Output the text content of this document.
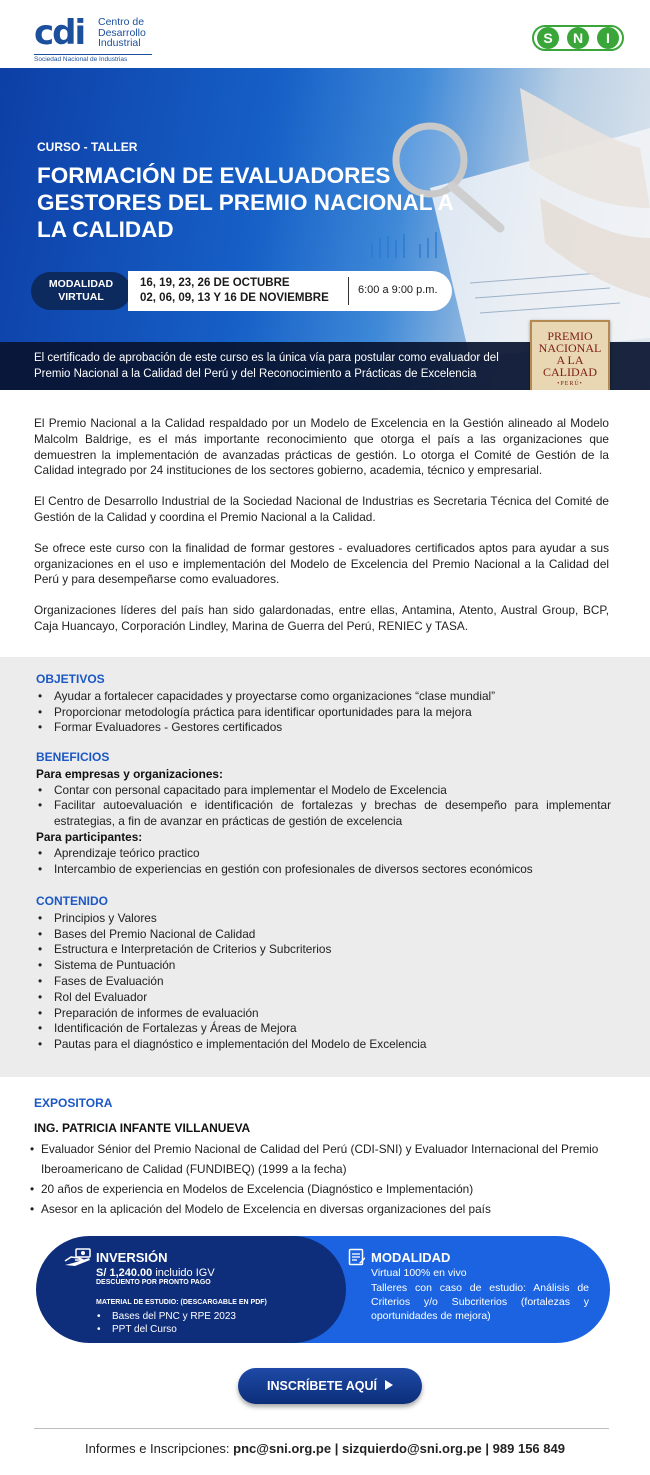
cdi Centro de
Desarrollo
Industrial
Sociedad Nacional de Industrias
S N I
CURSO - TALLER
FORMACIÓN DE EVALUADORES GESTORES DEL PREMIO NACIONAL A LA CALIDAD
MODALIDAD
VIRTUAL
16, 19, 23, 26 DE OCTUBRE
02, 06, 09, 13 Y 16 DE NOVIEMBRE
6:00 a 9:00 p.m.
El certificado de aprobación de este curso es la única vía para postular como evaluador del Premio Nacional a la Calidad del Perú y del Reconocimiento a Prácticas de Excelencia
PREMIO
NACIONAL
A LA
CALIDAD
•PERÚ•

El Premio Nacional a la Calidad respaldado por un Modelo de Excelencia en la Gestión alineado al Modelo Malcolm Baldrige, es el más importante reconocimiento que otorga el país a las organizaciones que demuestren la implementación de avanzadas prácticas de gestión. Lo otorga el Comité de Gestión de la Calidad integrado por 24 instituciones de los sectores gobierno, academia, técnico y empresarial.

El Centro de Desarrollo Industrial de la Sociedad Nacional de Industrias es Secretaria Técnica del Comité de Gestión de la Calidad y coordina el Premio Nacional a la Calidad.

Se ofrece este curso con la finalidad de formar gestores - evaluadores certificados aptos para ayudar a sus organizaciones en el uso e implementación del Modelo de Excelencia del Premio Nacional a la Calidad del Perú y para desempeñarse como evaluadores.

Organizaciones líderes del país han sido galardonadas, entre ellas, Antamina, Atento, Austral Group, BCP, Caja Huancayo, Corporación Lindley, Marina de Guerra del Perú, RENIEC y TASA.

OBJETIVOS
• Ayudar a fortalecer capacidades y proyectarse como organizaciones “clase mundial”
• Proporcionar metodología práctica para identificar oportunidades para la mejora
• Formar Evaluadores - Gestores certificados
BENEFICIOS
Para empresas y organizaciones:
• Contar con personal capacitado para implementar el Modelo de Excelencia
• Facilitar autoevaluación e identificación de fortalezas y brechas de desempeño para implementar estrategias, a fin de avanzar en prácticas de gestión de excelencia
Para participantes:
• Aprendizaje teórico practico
• Intercambio de experiencias en gestión con profesionales de diversos sectores económicos
CONTENIDO
• Principios y Valores
• Bases del Premio Nacional de Calidad
• Estructura e Interpretación de Criterios y Subcriterios
• Sistema de Puntuación
• Fases de Evaluación
• Rol del Evaluador
• Preparación de informes de evaluación
• Identificación de Fortalezas y Áreas de Mejora
• Pautas para el diagnóstico e implementación del Modelo de Excelencia
EXPOSITORA
ING. PATRICIA INFANTE VILLANUEVA
• Evaluador Sénior del Premio Nacional de Calidad del Perú (CDI-SNI) y Evaluador Internacional del Premio Iberoamericano de Calidad (FUNDIBEQ) (1999 a la fecha)
• 20 años de experiencia en Modelos de Excelencia (Diagnóstico e Implementación)
• Asesor en la aplicación del Modelo de Excelencia en diversas organizaciones del país
MODALIDAD
Virtual 100% en vivo
Talleres con caso de estudio: Análisis de Criterios y/o Subcriterios (fortalezas y oportunidades de mejora)
INVERSIÓN
S/ 1,240.00 incluido IGV
DESCUENTO POR PRONTO PAGO
MATERIAL DE ESTUDIO: (DESCARGABLE EN PDF)
• Bases del PNC y RPE 2023
• PPT del Curso
INSCRÍBETE AQUÍ
Informes e Inscripciones: pnc@sni.org.pe | sizquierdo@sni.org.pe | 989 156 849
